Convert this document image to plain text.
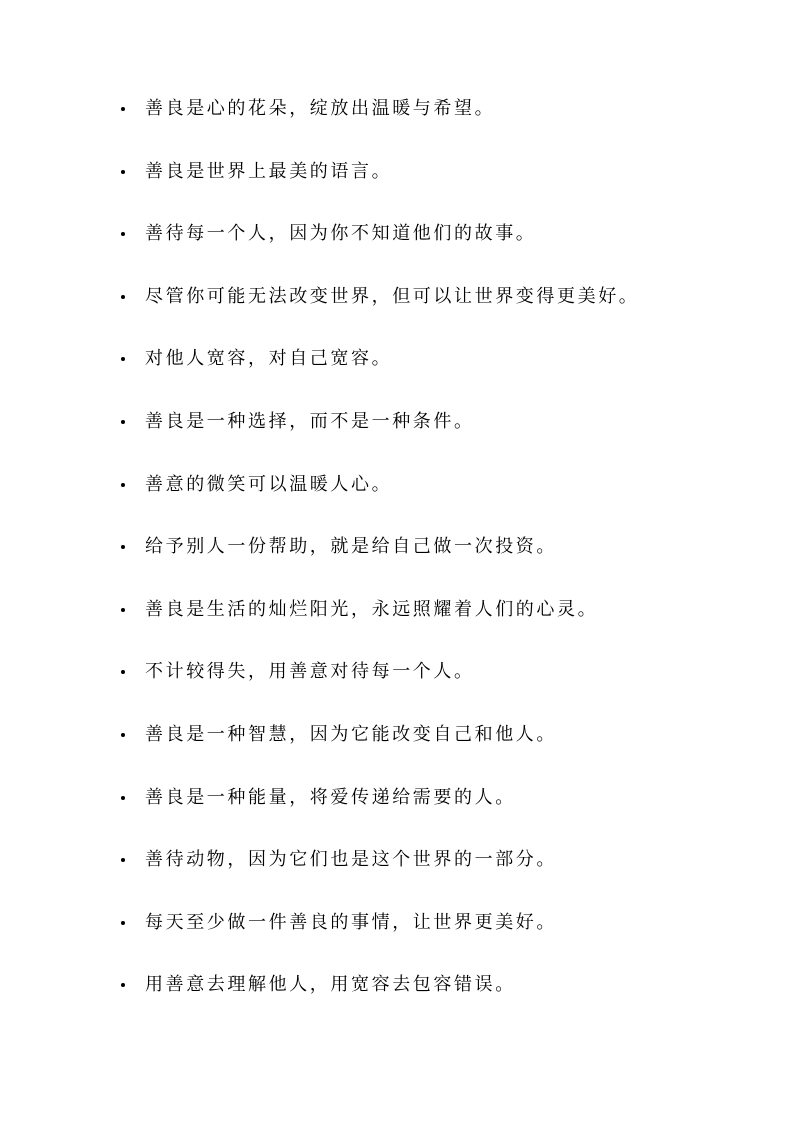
善良是心的花朵，绽放出温暖与希望。
善良是世界上最美的语言。
善待每一个人，因为你不知道他们的故事。
尽管你可能无法改变世界，但可以让世界变得更美好。
对他人宽容，对自己宽容。
善良是一种选择，而不是一种条件。
善意的微笑可以温暖人心。
给予别人一份帮助，就是给自己做一次投资。
善良是生活的灿烂阳光，永远照耀着人们的心灵。
不计较得失，用善意对待每一个人。
善良是一种智慧，因为它能改变自己和他人。
善良是一种能量，将爱传递给需要的人。
善待动物，因为它们也是这个世界的一部分。
每天至少做一件善良的事情，让世界更美好。
用善意去理解他人，用宽容去包容错误。
